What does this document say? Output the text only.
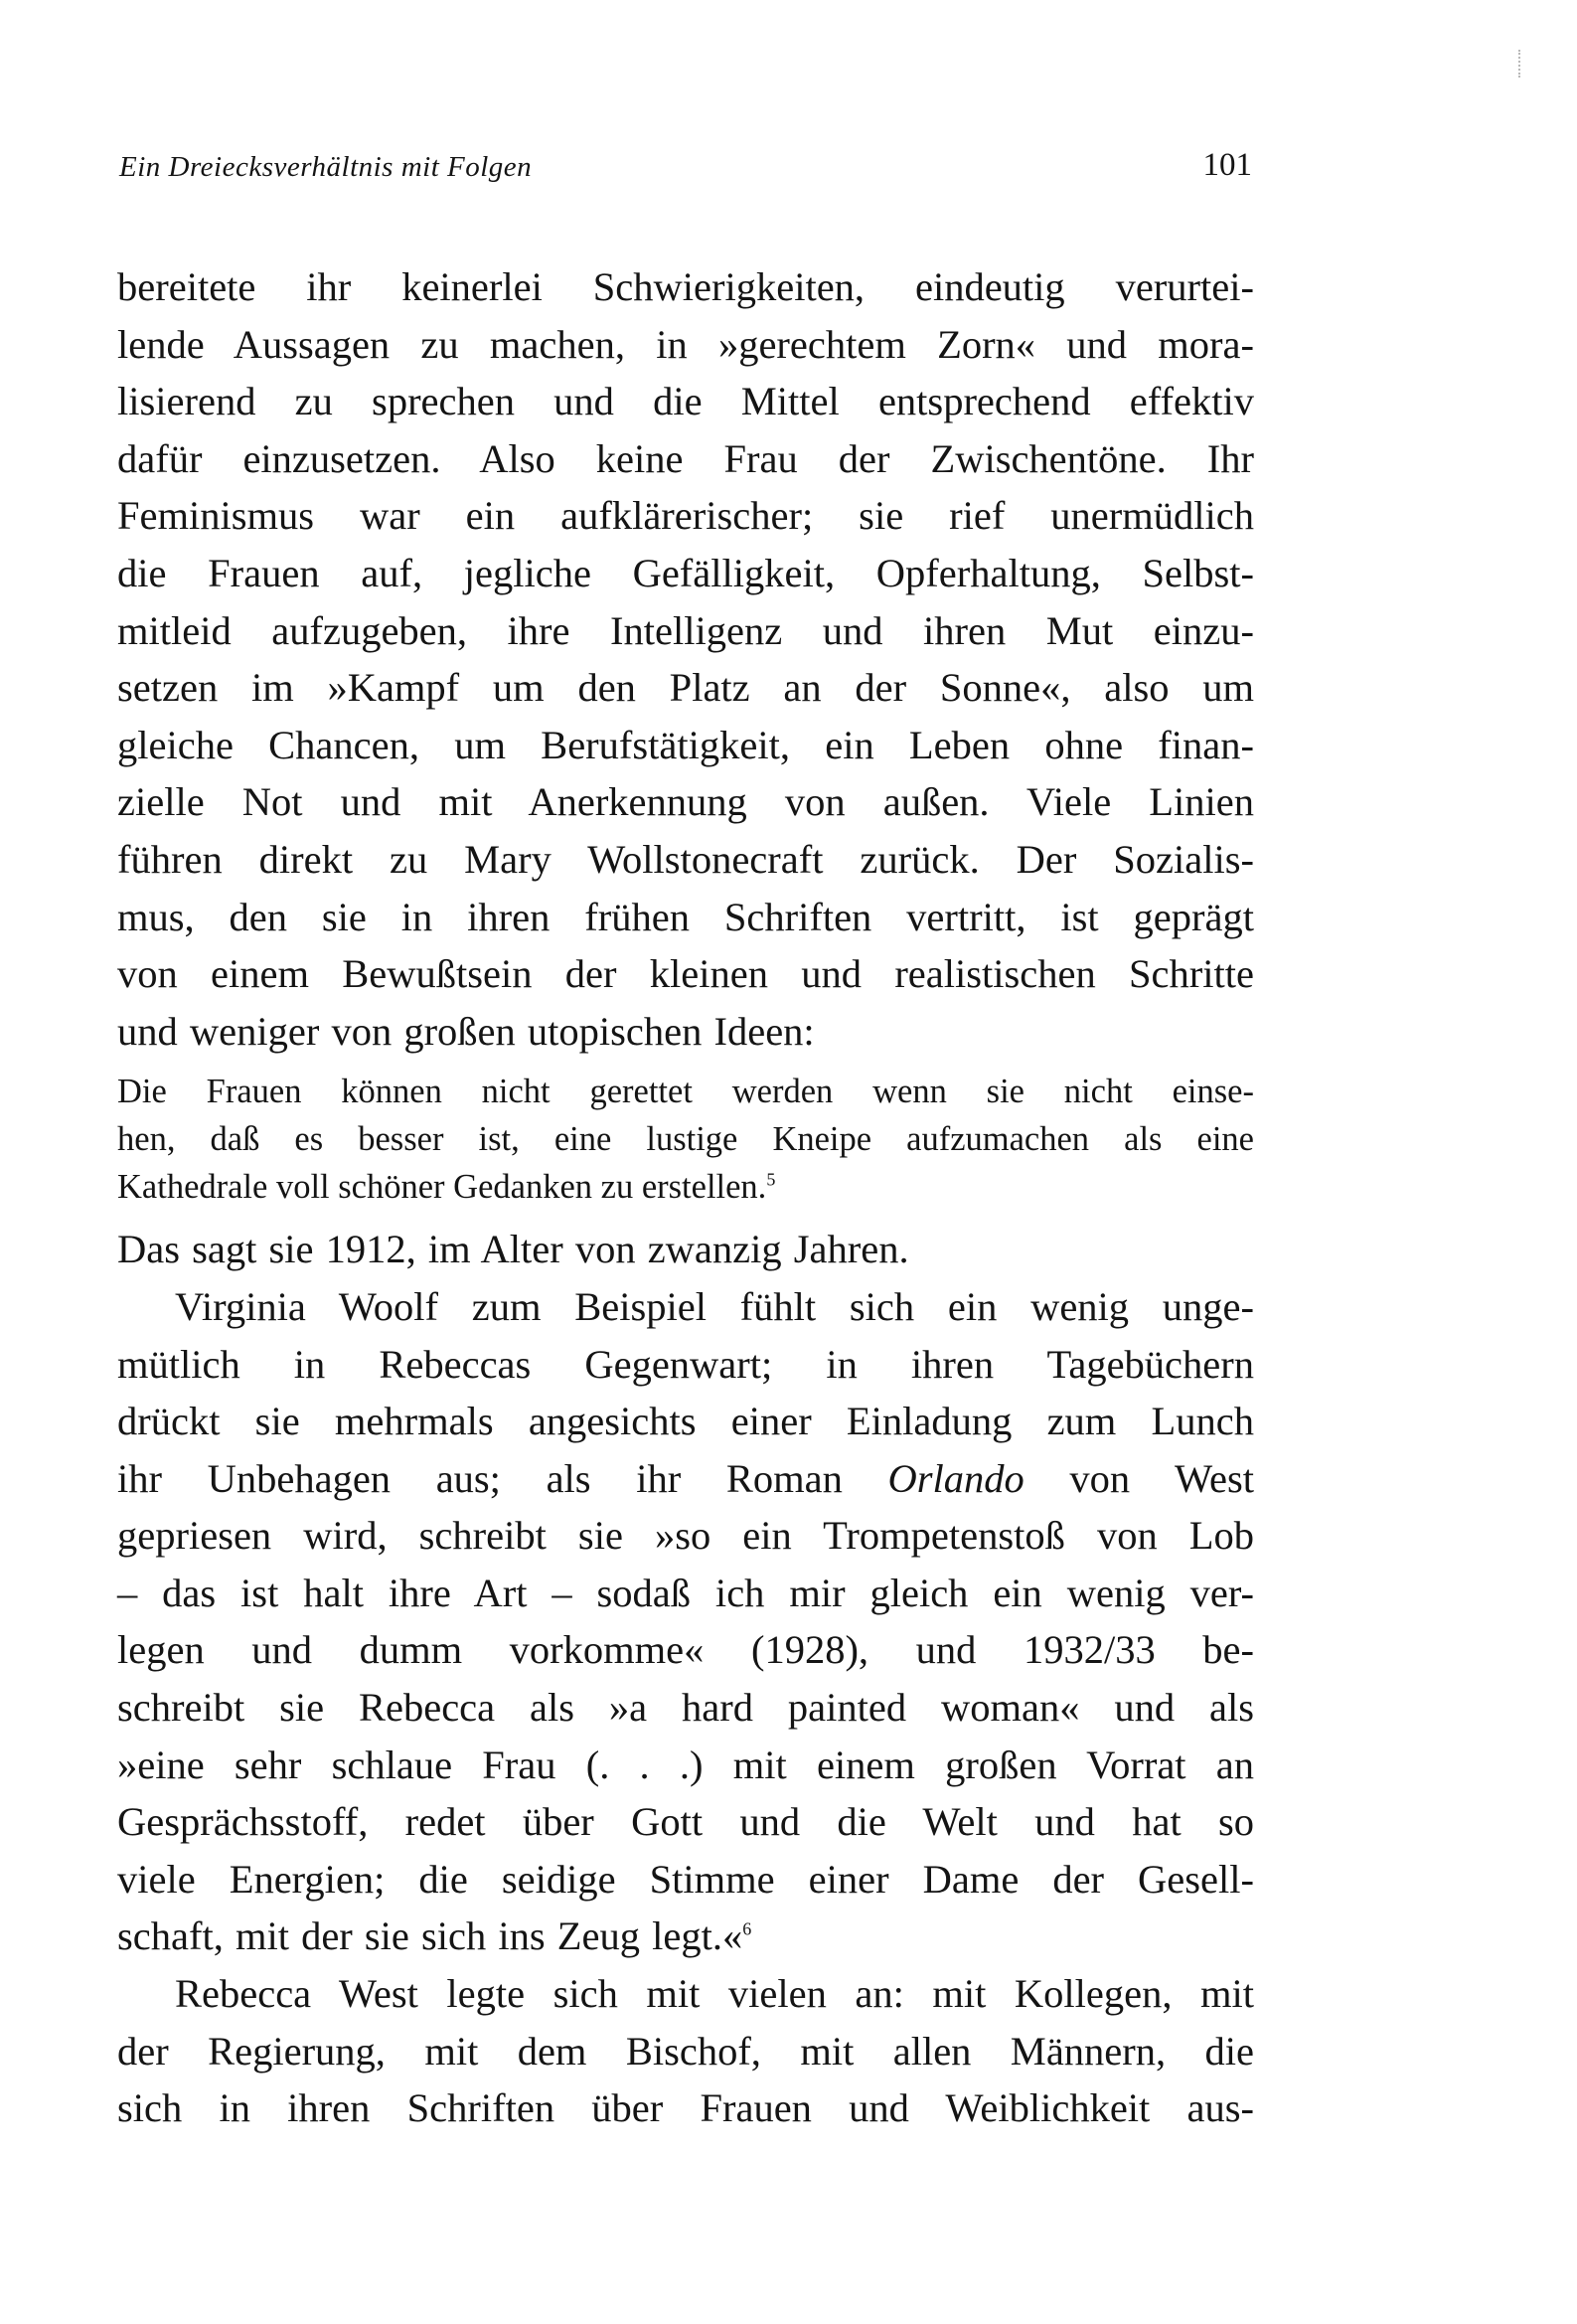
Ein Dreiecksverhältnis mit Folgen	101
bereitete ihr keinerlei Schwierigkeiten, eindeutig verurtei-
lende Aussagen zu machen, in »gerechtem Zorn« und mora-
lisierend zu sprechen und die Mittel entsprechend effektiv
dafür einzusetzen. Also keine Frau der Zwischentöne. Ihr
Feminismus war ein aufklärerischer; sie rief unermüdlich
die Frauen auf, jegliche Gefälligkeit, Opferhaltung, Selbst-
mitleid aufzugeben, ihre Intelligenz und ihren Mut einzu-
setzen im »Kampf um den Platz an der Sonne«, also um
gleiche Chancen, um Berufstätigkeit, ein Leben ohne finan-
zielle Not und mit Anerkennung von außen. Viele Linien
führen direkt zu Mary Wollstonecraft zurück. Der Sozialis-
mus, den sie in ihren frühen Schriften vertritt, ist geprägt
von einem Bewußtsein der kleinen und realistischen Schritte
und weniger von großen utopischen Ideen:
Die Frauen können nicht gerettet werden wenn sie nicht einse-
hen, daß es besser ist, eine lustige Kneipe aufzumachen als eine
Kathedrale voll schöner Gedanken zu erstellen.$^5$
Das sagt sie 1912, im Alter von zwanzig Jahren.
Virginia Woolf zum Beispiel fühlt sich ein wenig unge-
mütlich in Rebeccas Gegenwart; in ihren Tagebüchern
drückt sie mehrmals angesichts einer Einladung zum Lunch
ihr Unbehagen aus; als ihr Roman Orlando von West
gepriesen wird, schreibt sie »so ein Trompetenstoß von Lob
– das ist halt ihre Art – sodaß ich mir gleich ein wenig ver-
legen und dumm vorkomme« (1928), und 1932/33 be-
schreibt sie Rebecca als »a hard painted woman« und als
»eine sehr schlaue Frau (. . .) mit einem großen Vorrat an
Gesprächsstoff, redet über Gott und die Welt und hat so
viele Energien; die seidige Stimme einer Dame der Gesell-
schaft, mit der sie sich ins Zeug legt.«$^6$
Rebecca West legte sich mit vielen an: mit Kollegen, mit
der Regierung, mit dem Bischof, mit allen Männern, die
sich in ihren Schriften über Frauen und Weiblichkeit aus-
